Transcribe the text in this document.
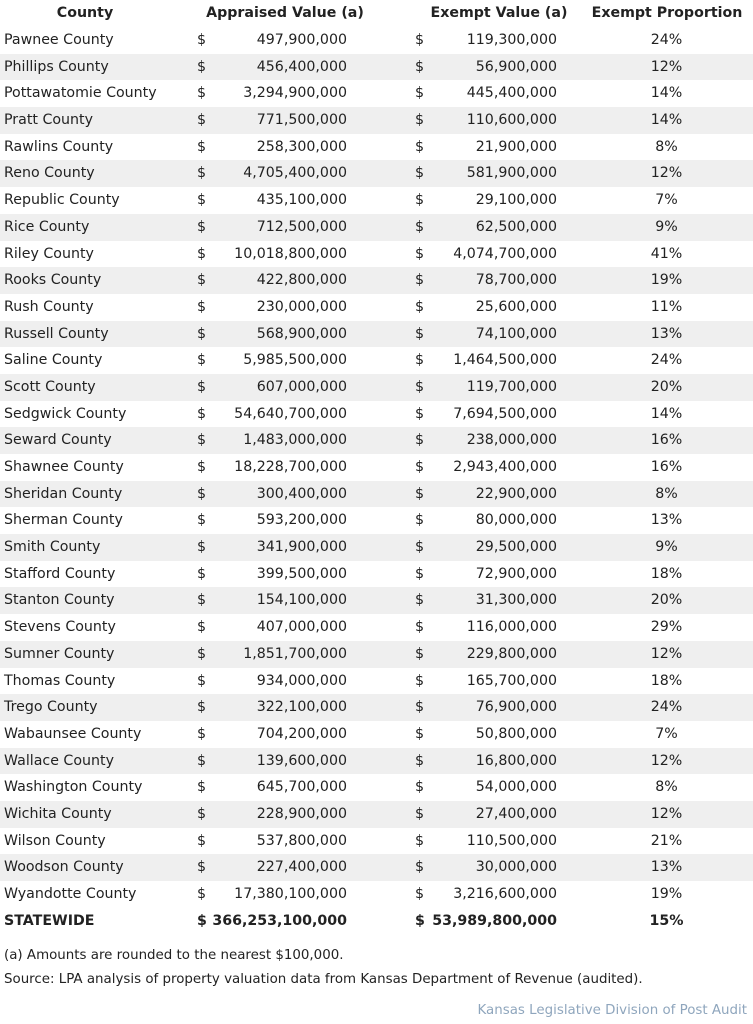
County	Appraised Value (a)	Exempt Value (a)	Exempt Proportion
Pawnee County	$	497,900,000	$	119,300,000	24%
Phillips County	$	456,400,000	$	56,900,000	12%
Pottawatomie County	$	3,294,900,000	$	445,400,000	14%
Pratt County	$	771,500,000	$	110,600,000	14%
Rawlins County	$	258,300,000	$	21,900,000	8%
Reno County	$	4,705,400,000	$	581,900,000	12%
Republic County	$	435,100,000	$	29,100,000	7%
Rice County	$	712,500,000	$	62,500,000	9%
Riley County	$ 10,018,800,000	$ 4,074,700,000	41%
Rooks County	$	422,800,000	$	78,700,000	19%
Rush County	$	230,000,000	$	25,600,000	11%
Russell County	$	568,900,000	$	74,100,000	13%
Saline County	$	5,985,500,000	$ 1,464,500,000	24%
Scott County	$	607,000,000	$	119,700,000	20%
Sedgwick County	$ 54,640,700,000	$ 7,694,500,000	14%
Seward County	$	1,483,000,000	$	238,000,000	16%
Shawnee County	$ 18,228,700,000	$ 2,943,400,000	16%
Sheridan County	$	300,400,000	$	22,900,000	8%
Sherman County	$	593,200,000	$	80,000,000	13%
Smith County	$	341,900,000	$	29,500,000	9%
Stafford County	$	399,500,000	$	72,900,000	18%
Stanton County	$	154,100,000	$	31,300,000	20%
Stevens County	$	407,000,000	$	116,000,000	29%
Sumner County	$	1,851,700,000	$	229,800,000	12%
Thomas County	$	934,000,000	$	165,700,000	18%
Trego County	$	322,100,000	$	76,900,000	24%
Wabaunsee County	$	704,200,000	$	50,800,000	7%
Wallace County	$	139,600,000	$	16,800,000	12%
Washington County	$	645,700,000	$	54,000,000	8%
Wichita County	$	228,900,000	$	27,400,000	12%
Wilson County	$	537,800,000	$	110,500,000	21%
Woodson County	$	227,400,000	$	30,000,000	13%
Wyandotte County	$ 17,380,100,000	$ 3,216,600,000	19%
STATEWIDE	$ 366,253,100,000	$ 53,989,800,000	15%
(a) Amounts are rounded to the nearest $100,000.
Source: LPA analysis of property valuation data from Kansas Department of Revenue (audited).
Kansas Legislative Division of Post Audit
